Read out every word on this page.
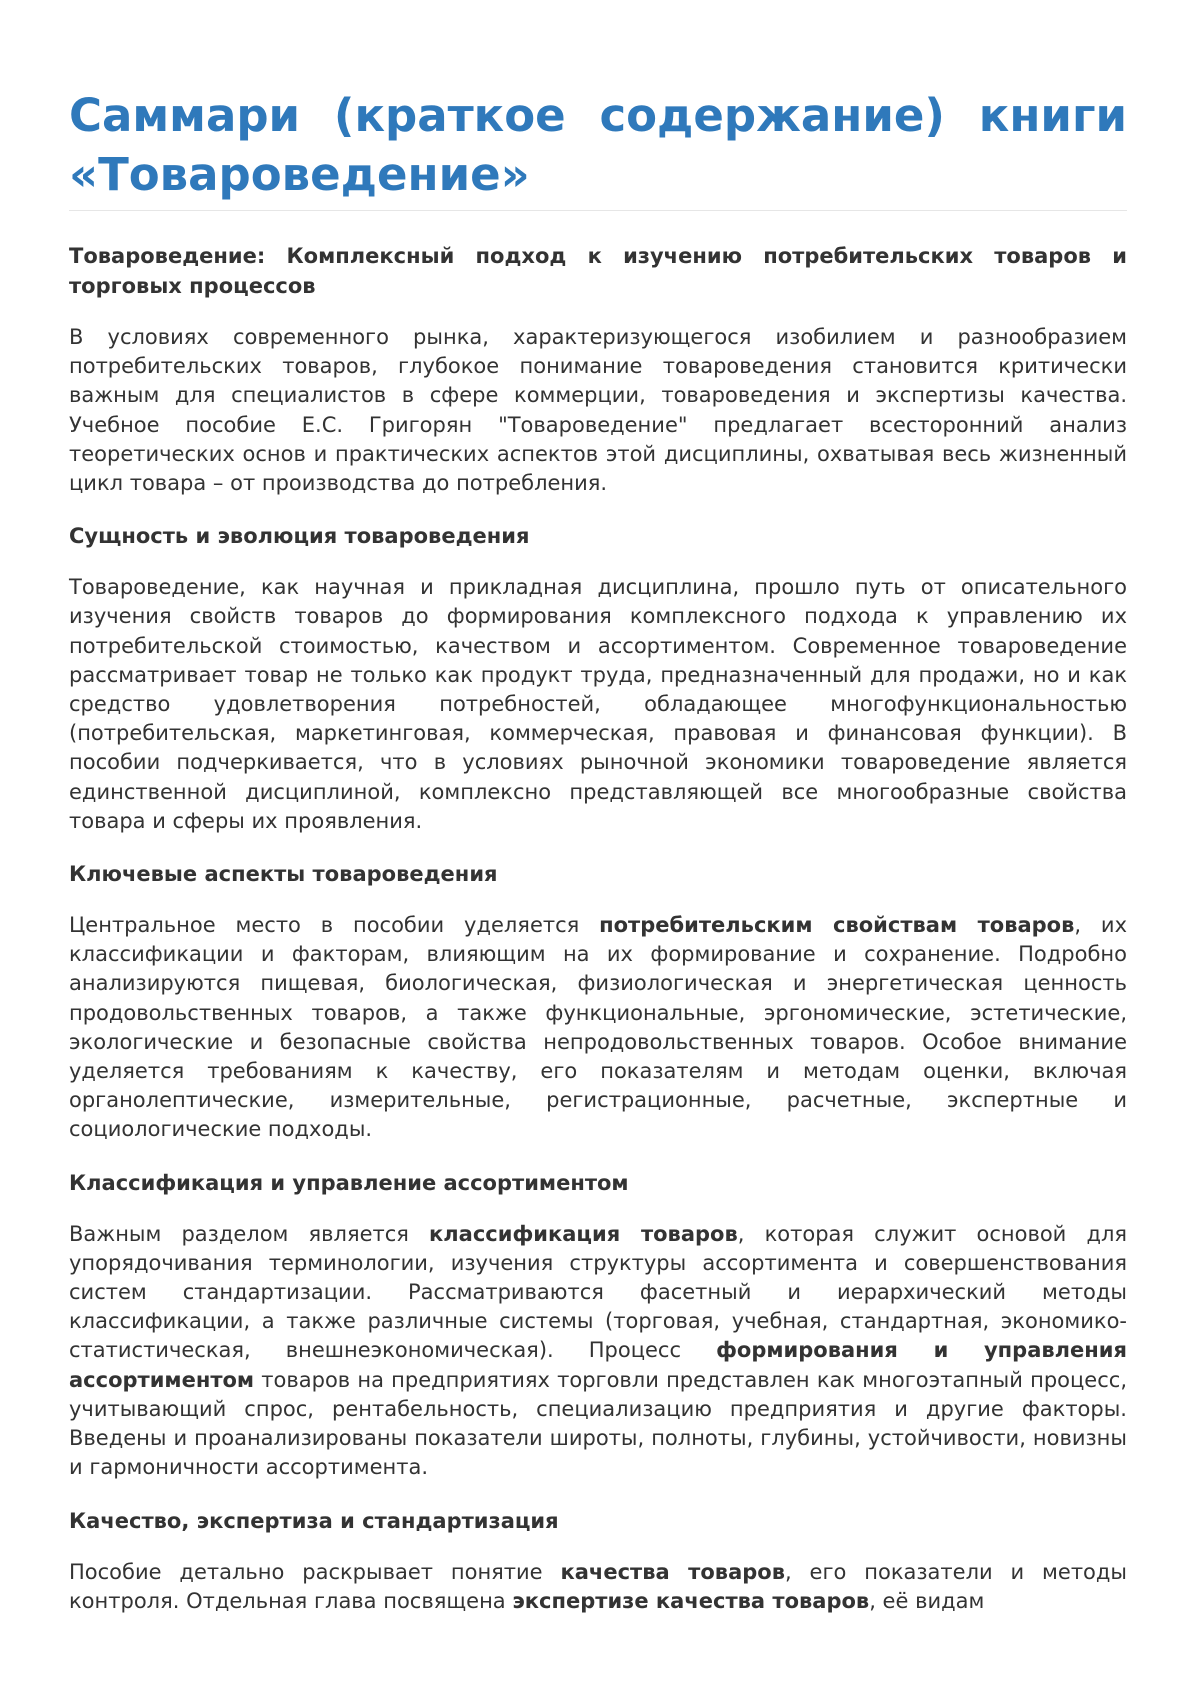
Саммари (краткое содержание) книги «Товароведение»
Товароведение: Комплексный подход к изучению потребительских товаров и торговых процессов

В условиях современного рынка, характеризующегося изобилием и разнообразием потребительских товаров, глубокое понимание товароведения становится критически важным для специалистов в сфере коммерции, товароведения и экспертизы качества. Учебное пособие Е.С. Григорян "Товароведение" предлагает всесторонний анализ теоретических основ и практических аспектов этой дисциплины, охватывая весь жизненный цикл товара – от производства до потребления.

Сущность и эволюция товароведения

Товароведение, как научная и прикладная дисциплина, прошло путь от описательного изучения свойств товаров до формирования комплексного подхода к управлению их потребительской стоимостью, качеством и ассортиментом. Современное товароведение рассматривает товар не только как продукт труда, предназначенный для продажи, но и как средство удовлетворения потребностей, обладающее многофункциональностью (потребительская, маркетинговая, коммерческая, правовая и финансовая функции). В пособии подчеркивается, что в условиях рыночной экономики товароведение является единственной дисциплиной, комплексно представляющей все многообразные свойства товара и сферы их проявления.

Ключевые аспекты товароведения

Центральное место в пособии уделяется потребительским свойствам товаров, их классификации и факторам, влияющим на их формирование и сохранение. Подробно анализируются пищевая, биологическая, физиологическая и энергетическая ценность продовольственных товаров, а также функциональные, эргономические, эстетические, экологические и безопасные свойства непродовольственных товаров. Особое внимание уделяется требованиям к качеству, его показателям и методам оценки, включая органолептические, измерительные, регистрационные, расчетные, экспертные и социологические подходы.

Классификация и управление ассортиментом

Важным разделом является классификация товаров, которая служит основой для упорядочивания терминологии, изучения структуры ассортимента и совершенствования систем стандартизации. Рассматриваются фасетный и иерархический методы классификации, а также различные системы (торговая, учебная, стандартная, экономико-статистическая, внешнеэкономическая). Процесс формирования и управления ассортиментом товаров на предприятиях торговли представлен как многоэтапный процесс, учитывающий спрос, рентабельность, специализацию предприятия и другие факторы. Введены и проанализированы показатели широты, полноты, глубины, устойчивости, новизны и гармоничности ассортимента.

Качество, экспертиза и стандартизация

Пособие детально раскрывает понятие качества товаров, его показатели и методы контроля. Отдельная глава посвящена экспертизе качества товаров, её видам
